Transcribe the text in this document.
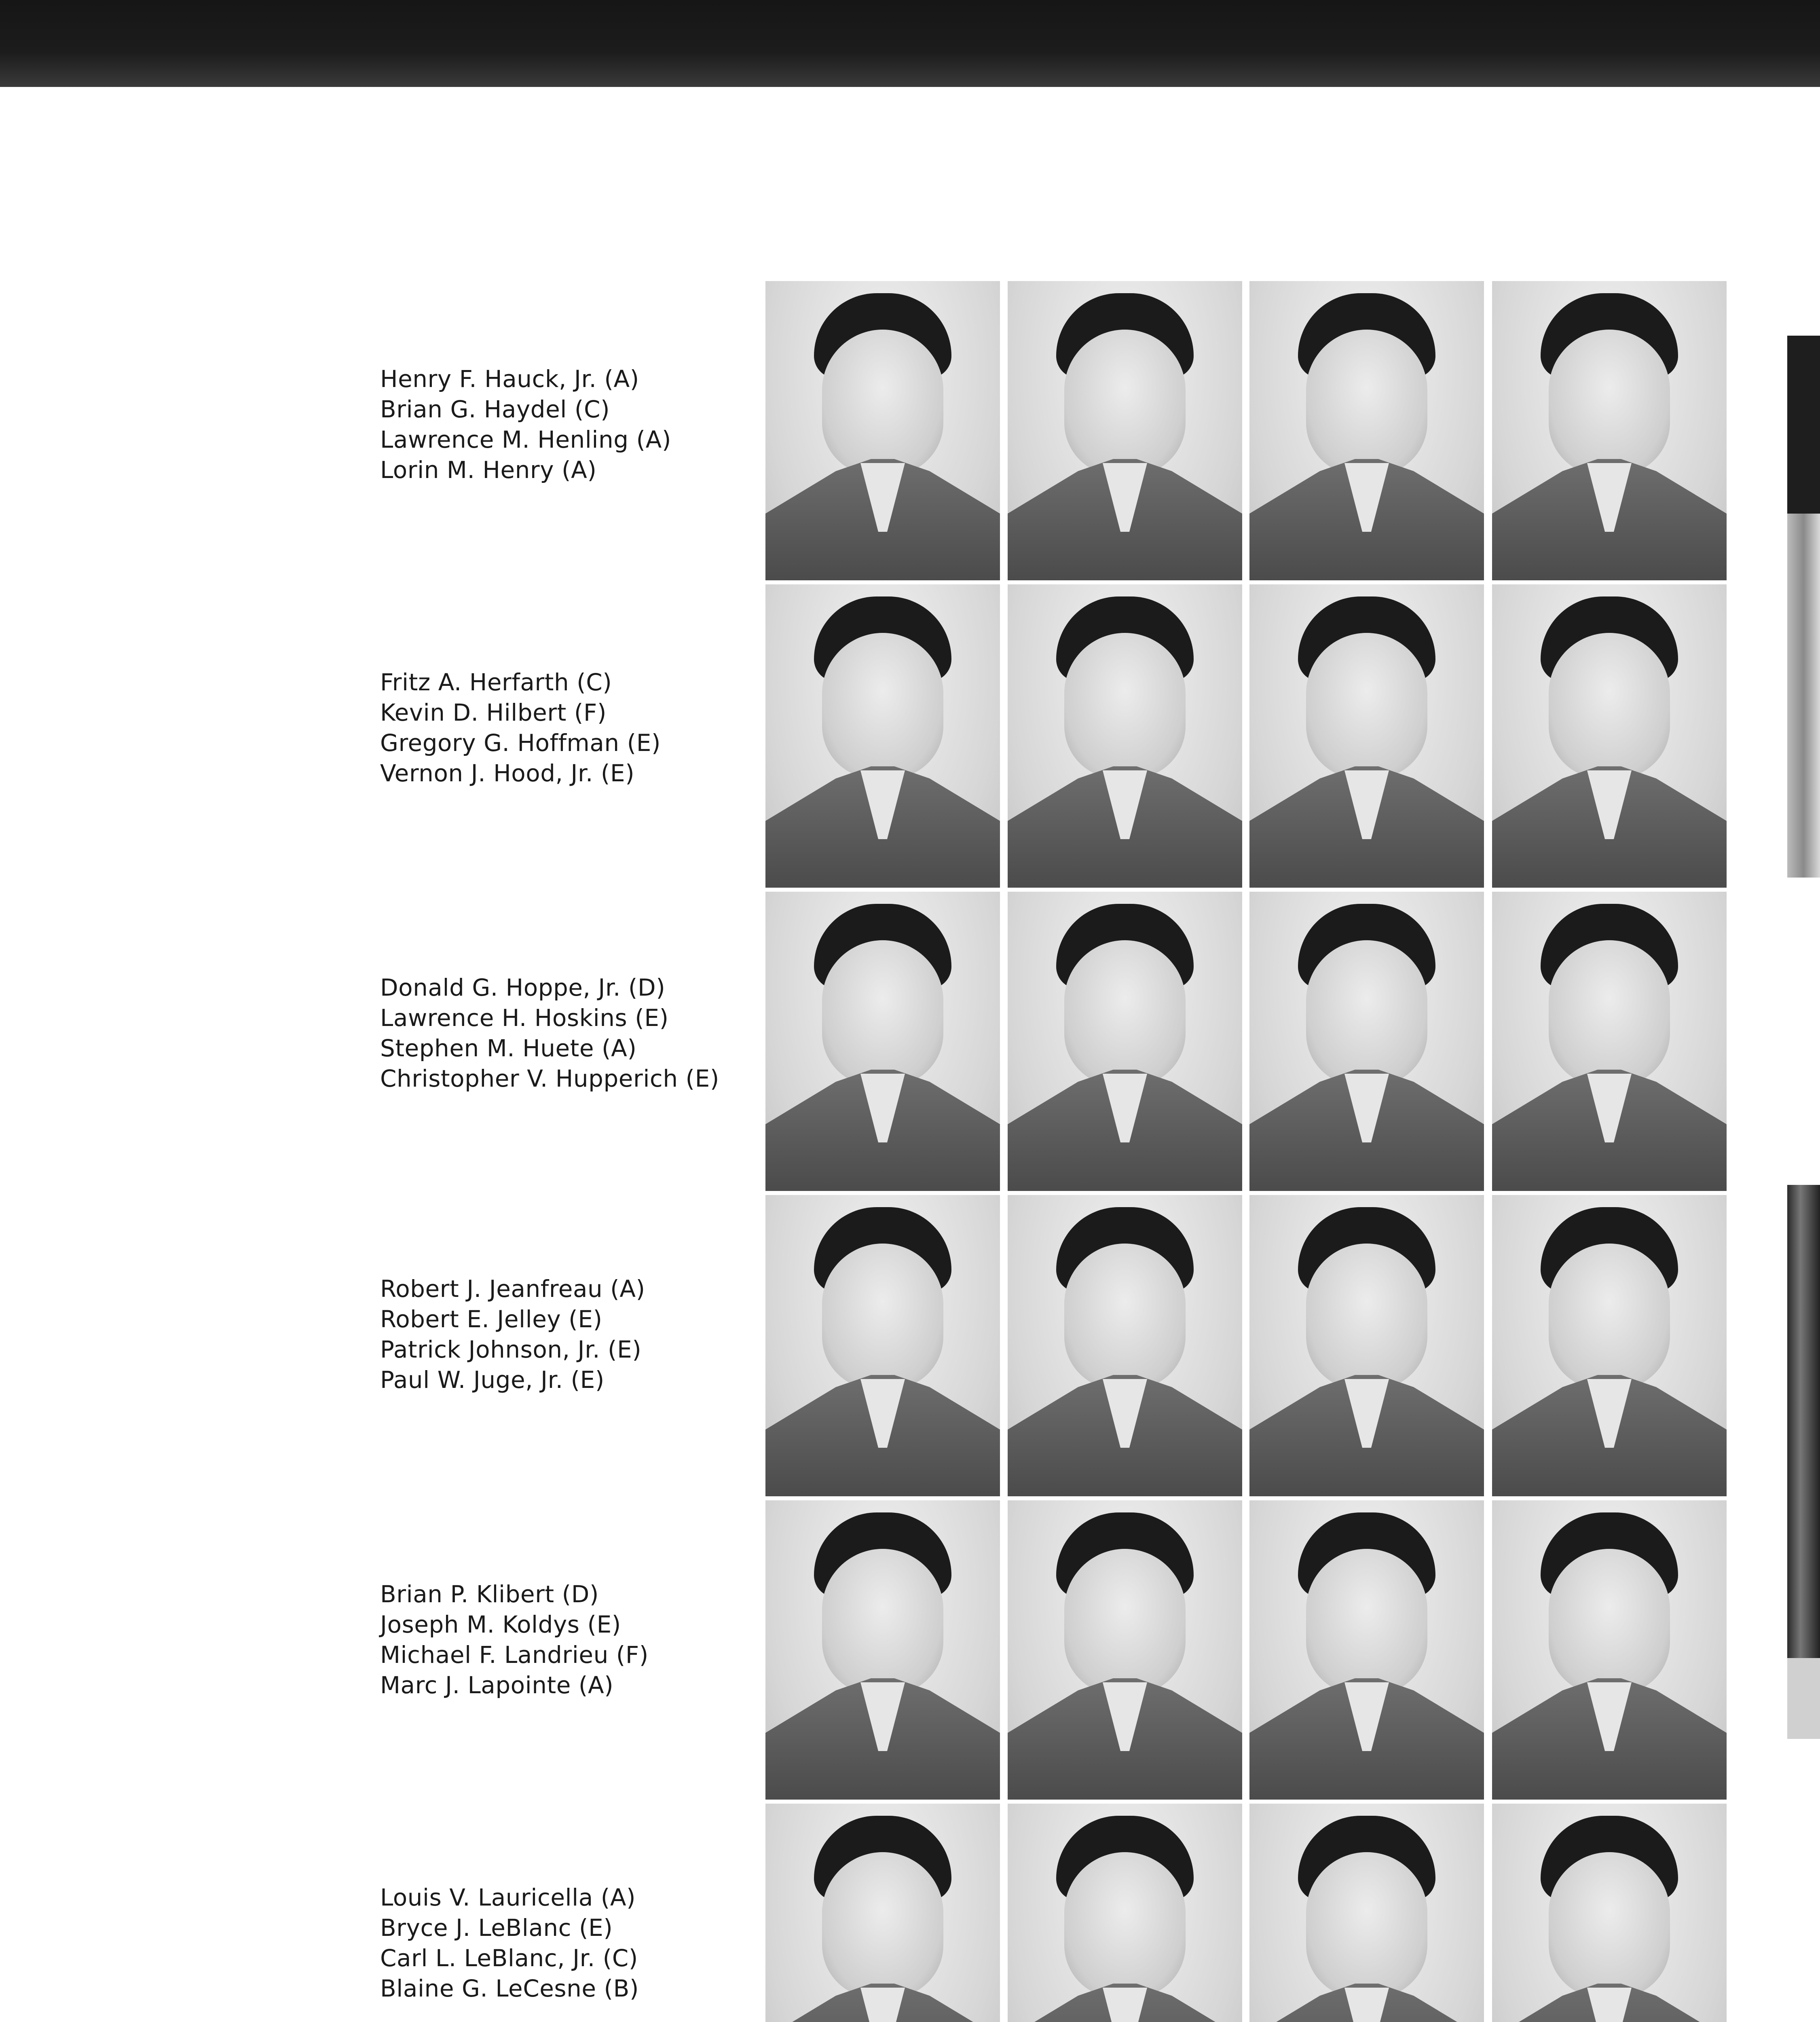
Henry F. Hauck, Jr. (A)
Brian G. Haydel (C)
Lawrence M. Henling (A)
Lorin M. Henry (A)
Fritz A. Herfarth (C)
Kevin D. Hilbert (F)
Gregory G. Hoffman (E)
Vernon J. Hood, Jr. (E)
Donald G. Hoppe, Jr. (D)
Lawrence H. Hoskins (E)
Stephen M. Huete (A)
Christopher V. Hupperich (E)
Robert J. Jeanfreau (A)
Robert E. Jelley (E)
Patrick Johnson, Jr. (E)
Paul W. Juge, Jr. (E)
Brian P. Klibert (D)
Joseph M. Koldys (E)
Michael F. Landrieu (F)
Marc J. Lapointe (A)
Louis V. Lauricella (A)
Bryce J. LeBlanc (E)
Carl L. LeBlanc, Jr. (C)
Blaine G. LeCesne (B)
